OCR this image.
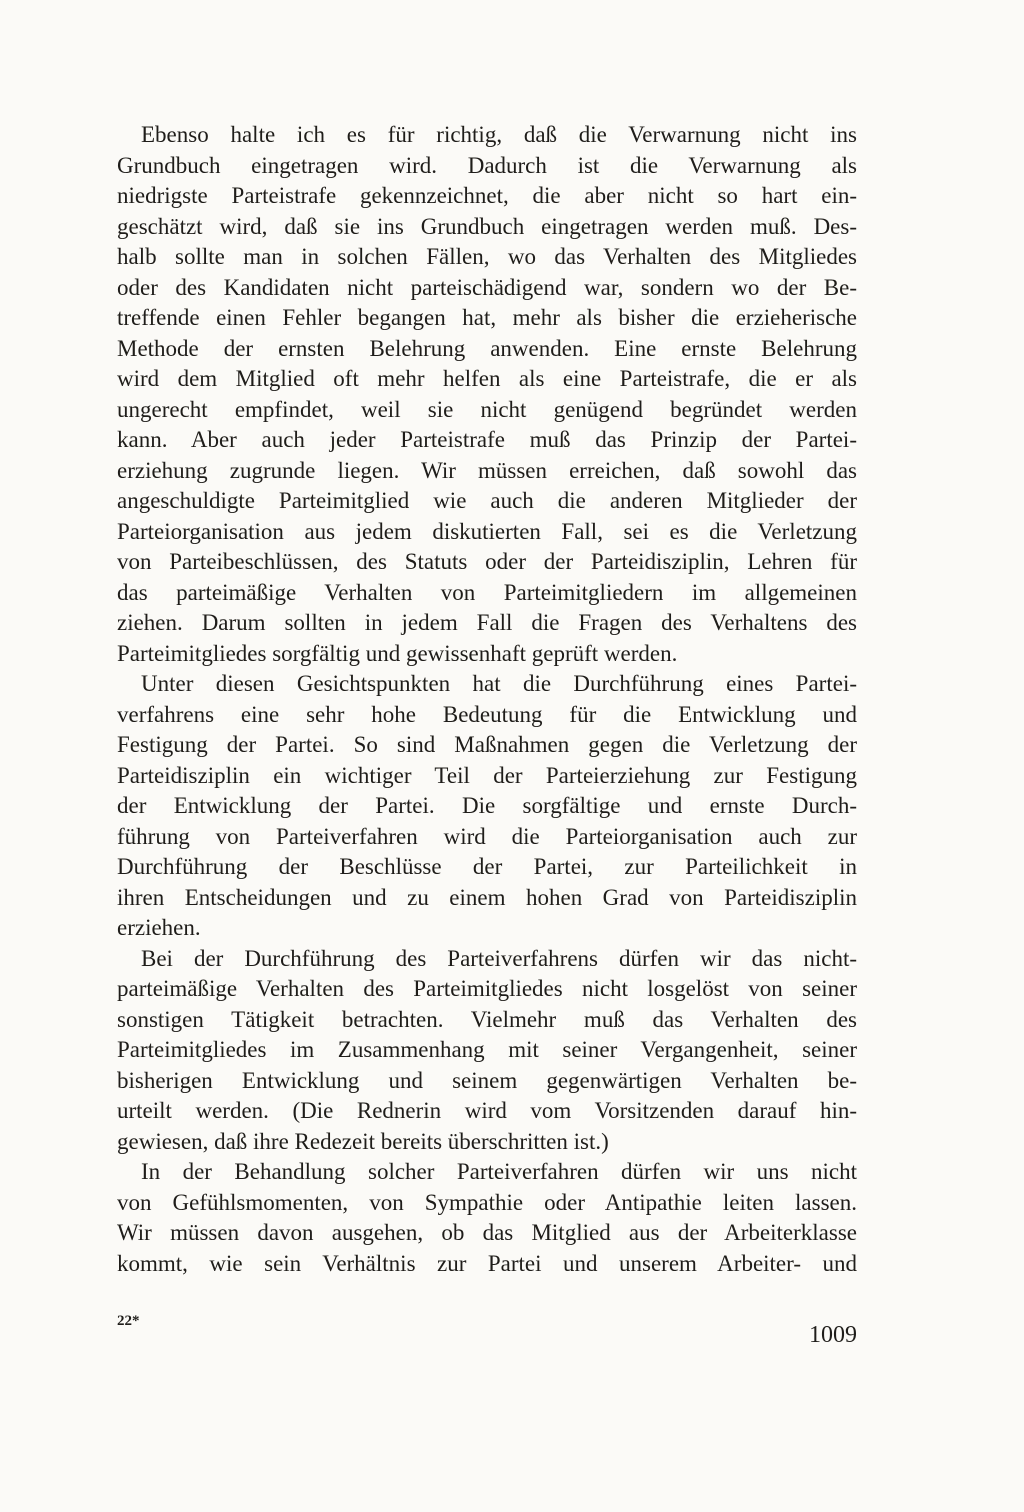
Ebenso halte ich es für richtig, daß die Verwarnung nicht ins
Grundbuch eingetragen wird. Dadurch ist die Verwarnung als
niedrigste Parteistrafe gekennzeichnet, die aber nicht so hart ein-
geschätzt wird, daß sie ins Grundbuch eingetragen werden muß. Des-
halb sollte man in solchen Fällen, wo das Verhalten des Mitgliedes
oder des Kandidaten nicht parteischädigend war, sondern wo der Be-
treffende einen Fehler begangen hat, mehr als bisher die erzieherische
Methode der ernsten Belehrung anwenden. Eine ernste Belehrung
wird dem Mitglied oft mehr helfen als eine Parteistrafe, die er als
ungerecht empfindet, weil sie nicht genügend begründet werden
kann. Aber auch jeder Parteistrafe muß das Prinzip der Partei-
erziehung zugrunde liegen. Wir müssen erreichen, daß sowohl das
angeschuldigte Parteimitglied wie auch die anderen Mitglieder der
Parteiorganisation aus jedem diskutierten Fall, sei es die Verletzung
von Parteibeschlüssen, des Statuts oder der Parteidisziplin, Lehren für
das parteimäßige Verhalten von Parteimitgliedern im allgemeinen
ziehen. Darum sollten in jedem Fall die Fragen des Verhaltens des
Parteimitgliedes sorgfältig und gewissenhaft geprüft werden.
Unter diesen Gesichtspunkten hat die Durchführung eines Partei-
verfahrens eine sehr hohe Bedeutung für die Entwicklung und
Festigung der Partei. So sind Maßnahmen gegen die Verletzung der
Parteidisziplin ein wichtiger Teil der Parteierziehung zur Festigung
der Entwicklung der Partei. Die sorgfältige und ernste Durch-
führung von Parteiverfahren wird die Parteiorganisation auch zur
Durchführung der Beschlüsse der Partei, zur Parteilichkeit in
ihren Entscheidungen und zu einem hohen Grad von Parteidisziplin
erziehen.
Bei der Durchführung des Parteiverfahrens dürfen wir das nicht-
parteimäßige Verhalten des Parteimitgliedes nicht losgelöst von seiner
sonstigen Tätigkeit betrachten. Vielmehr muß das Verhalten des
Parteimitgliedes im Zusammenhang mit seiner Vergangenheit, seiner
bisherigen Entwicklung und seinem gegenwärtigen Verhalten be-
urteilt werden. (Die Rednerin wird vom Vorsitzenden darauf hin-
gewiesen, daß ihre Redezeit bereits überschritten ist.)
In der Behandlung solcher Parteiverfahren dürfen wir uns nicht
von Gefühlsmomenten, von Sympathie oder Antipathie leiten lassen.
Wir müssen davon ausgehen, ob das Mitglied aus der Arbeiterklasse
kommt, wie sein Verhältnis zur Partei und unserem Arbeiter- und
22*
1009
